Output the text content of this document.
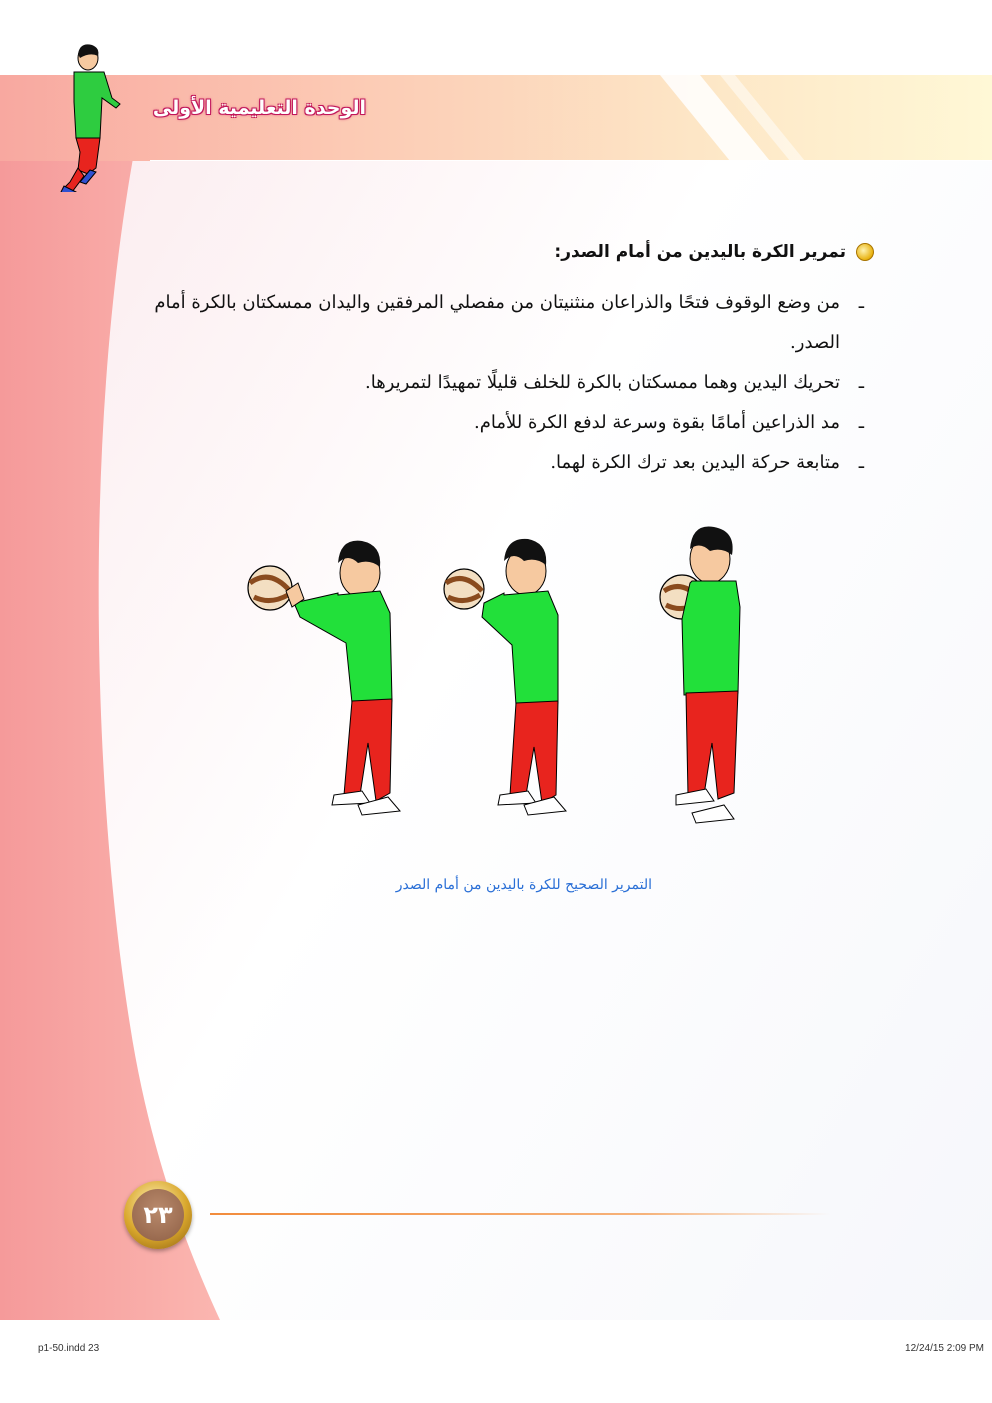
الوحدة التعليمية الأولى
تمرير الكرة باليدين من أمام الصدر:
ـ
من وضع الوقوف فتحًا والذراعان منثنيتان من مفصلي المرفقين واليدان ممسكتان بالكرة أمام الصدر.
ـ
تحريك اليدين وهما ممسكتان بالكرة للخلف قليلًا تمهيدًا لتمريرها.
ـ
مد الذراعين أمامًا بقوة وسرعة لدفع الكرة للأمام.
ـ
متابعة حركة اليدين بعد ترك الكرة لهما.
التمرير الصحيح للكرة باليدين من أمام الصدر
٢٣
p1-50.indd 23	12/24/15 2:09 PM
